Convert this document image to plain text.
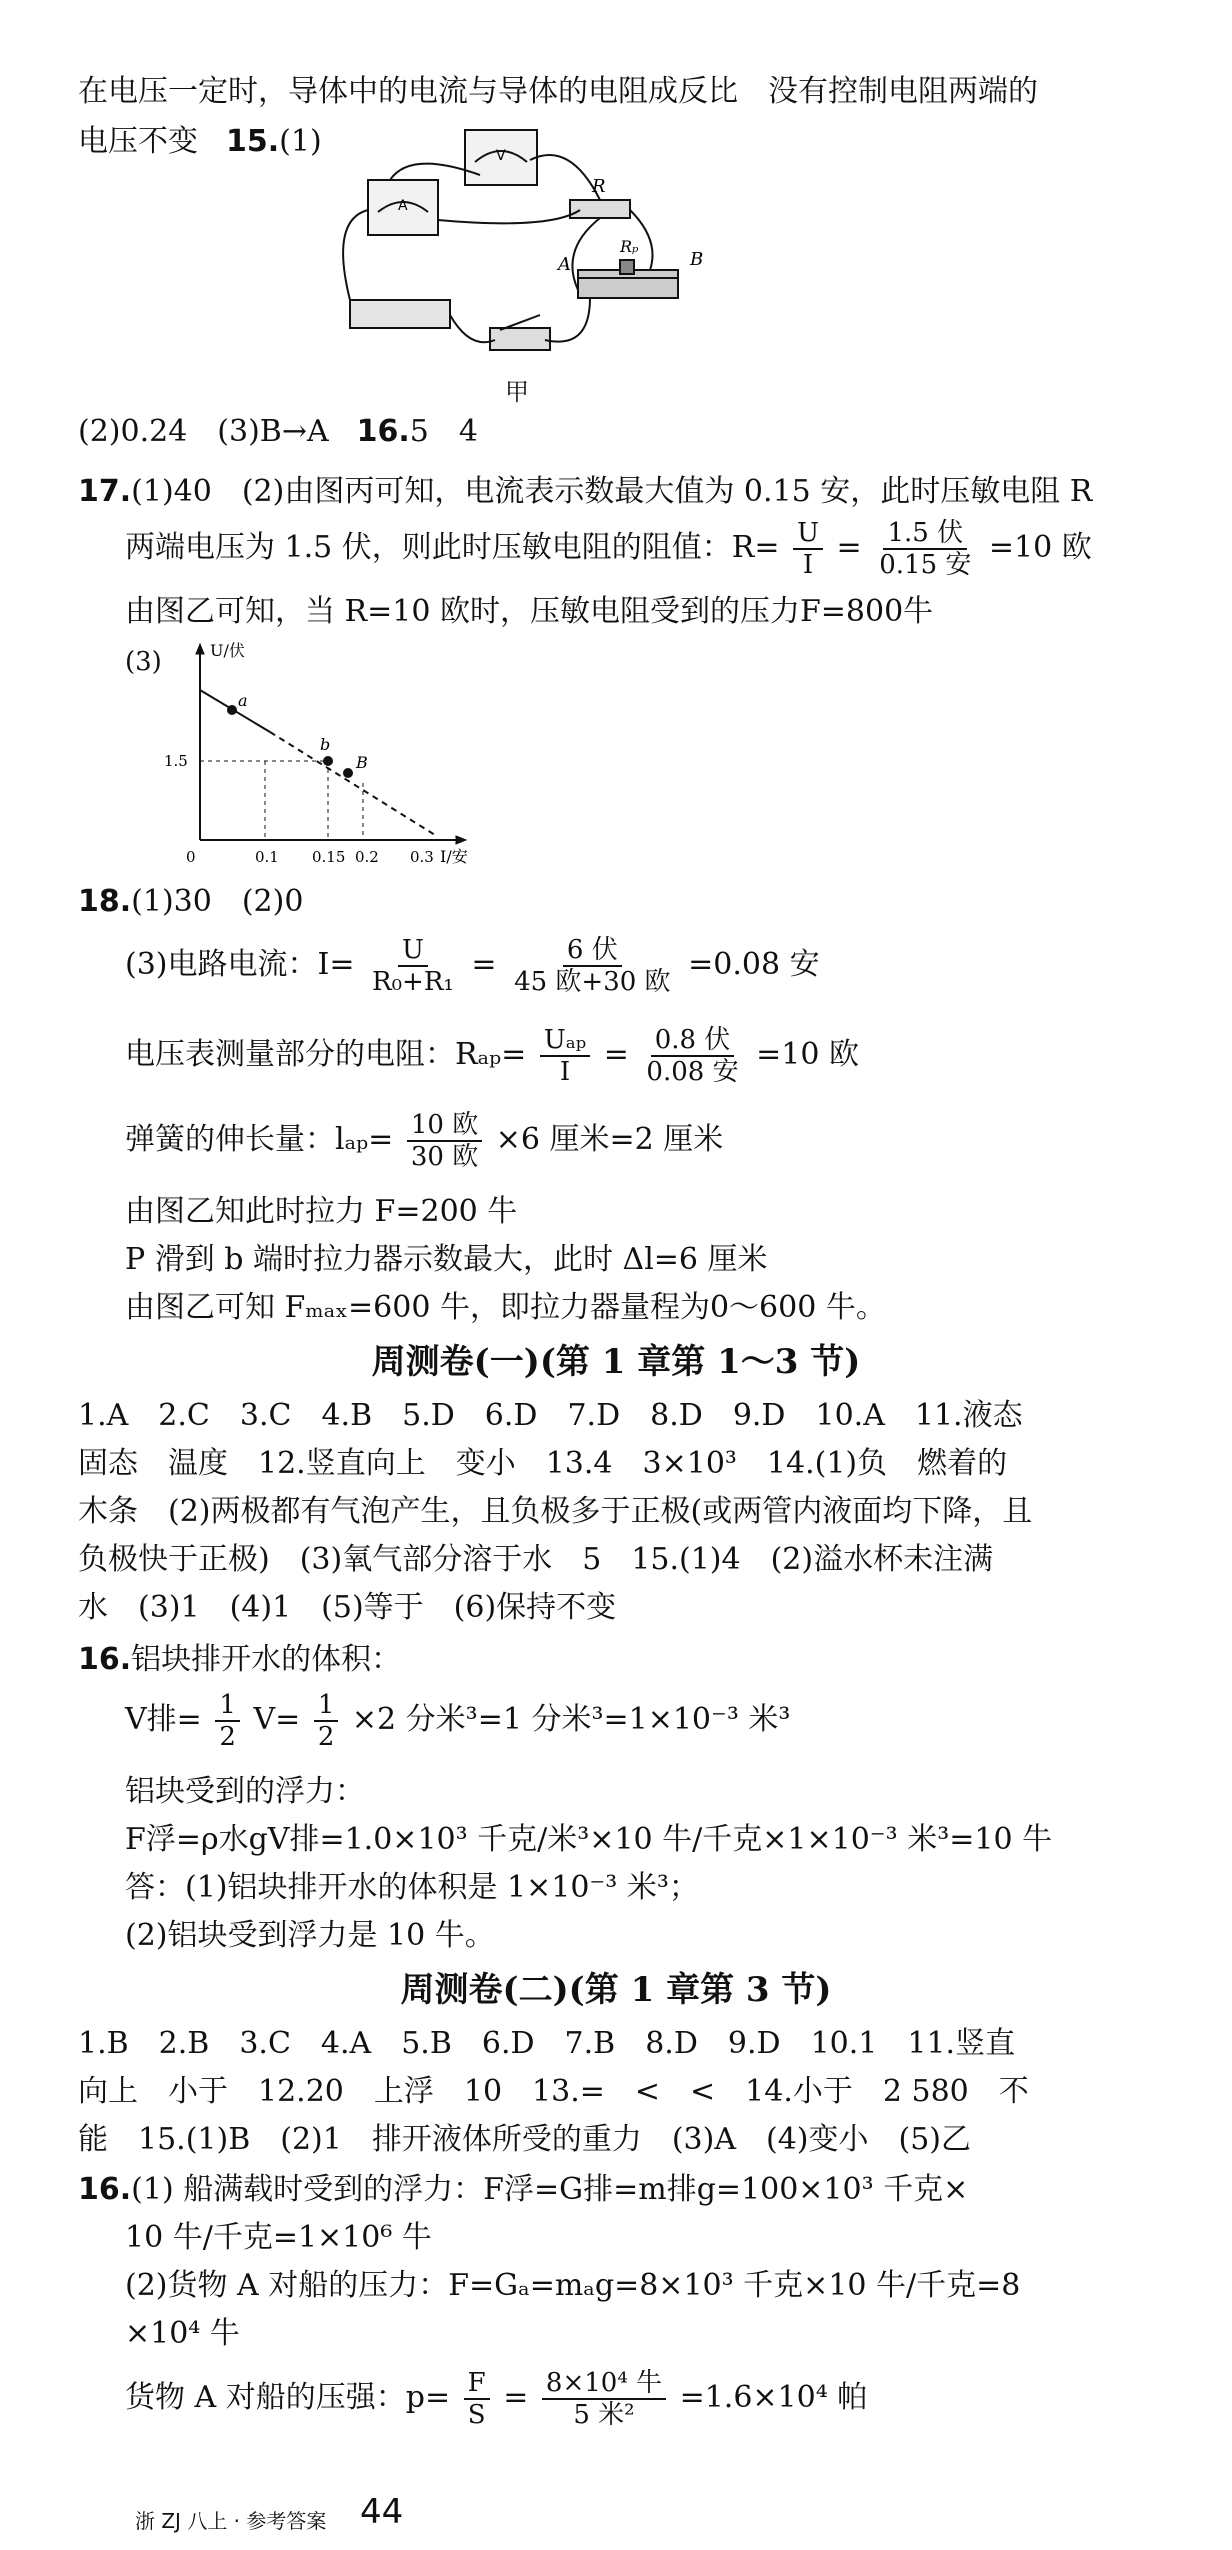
在电压一定时，导体中的电流与导体的电阻成反比　没有控制电阻两端的
电压不变 15.(1)	V
A
R
Rₚ
A	B
甲
(2)0.24　(3)B→A 16.5　4
17.(1)40　(2)由图丙可知，电流表示数最大值为 0.15 安，此时压敏电阻 R
两端电压为 1.5 伏，则此时压敏电阻的阻值：$R= \frac{U}{I} = \frac{\text{1.5 伏}}{\text{0.15 安}} =10$ 欧
由图乙可知，当 R=10 欧时，压敏电阻受到的压力F=800牛
(3)	U/伏
I/安
0
1.5
0.1 0.15 0.2 0.3
a
b
B
18.(1)30　(2)0
(3)电路电流：$I= \frac{U}{\text{R₀+R₁}} = \frac{\text{6 伏}}{\text{45 欧+30 欧}} =0.08$ 安
电压表测量部分的电阻：$R_{ap}= \frac{\text{Uₐₚ}}{I} = \frac{\text{0.8 伏}}{\text{0.08 安}} =10$ 欧
弹簧的伸长量：$l_{ap}= \frac{\text{10 欧}}{\text{30 欧}} \times 6$ 厘米=2 厘米
由图乙知此时拉力 F=200 牛
P 滑到 b 端时拉力器示数最大，此时 Δl=6 厘米
由图乙可知 Fₘₐₓ=600 牛，即拉力器量程为0～600 牛。
周测卷(一)(第 1 章第 1～3 节)
1.A　2.C　3.C　4.B　5.D　6.D　7.D　8.D　9.D　10.A　11.液态
固态　温度　12.竖直向上　变小　13.4　3×10³　14.(1)负　燃着的
木条　(2)两极都有气泡产生，且负极多于正极(或两管内液面均下降，且
负极快于正极)　(3)氧气部分溶于水　5　15.(1)4　(2)溢水杯未注满
水　(3)1　(4)1　(5)等于　(6)保持不变
16.铝块排开水的体积：
V排= $\frac{1}{2} V= \frac{1}{2} \times 2$ 分米³=1 分米³=1×10⁻³ 米³
铝块受到的浮力：
F浮=ρ水gV排=1.0×10³ 千克/米³×10 牛/千克×1×10⁻³ 米³=10 牛
答：(1)铝块排开水的体积是 1×10⁻³ 米³；
(2)铝块受到浮力是 10 牛。
周测卷(二)(第 1 章第 3 节)
1.B　2.B　3.C　4.A　5.B　6.D　7.B　8.D　9.D　10.1　11.竖直
向上　小于　12.20　上浮　10　13.=　<　<　14.小于　2 580　不
能　15.(1)B　(2)1　排开液体所受的重力　(3)A　(4)变小　(5)乙
16.(1) 船满载时受到的浮力：F浮=G排=m排g=100×10³ 千克×
10 牛/千克=1×10⁶ 牛
(2)货物 A 对船的压力：F=Gₐ=mₐg=8×10³ 千克×10 牛/千克=8
×10⁴ 牛
货物 A 对船的压强：$p= \frac{F}{S} = \frac{\text{8×10⁴ 牛}}{\text{5 米²}} =1.6\times 10^4$ 帕
浙 ZJ 八上 · 参考答案 44
